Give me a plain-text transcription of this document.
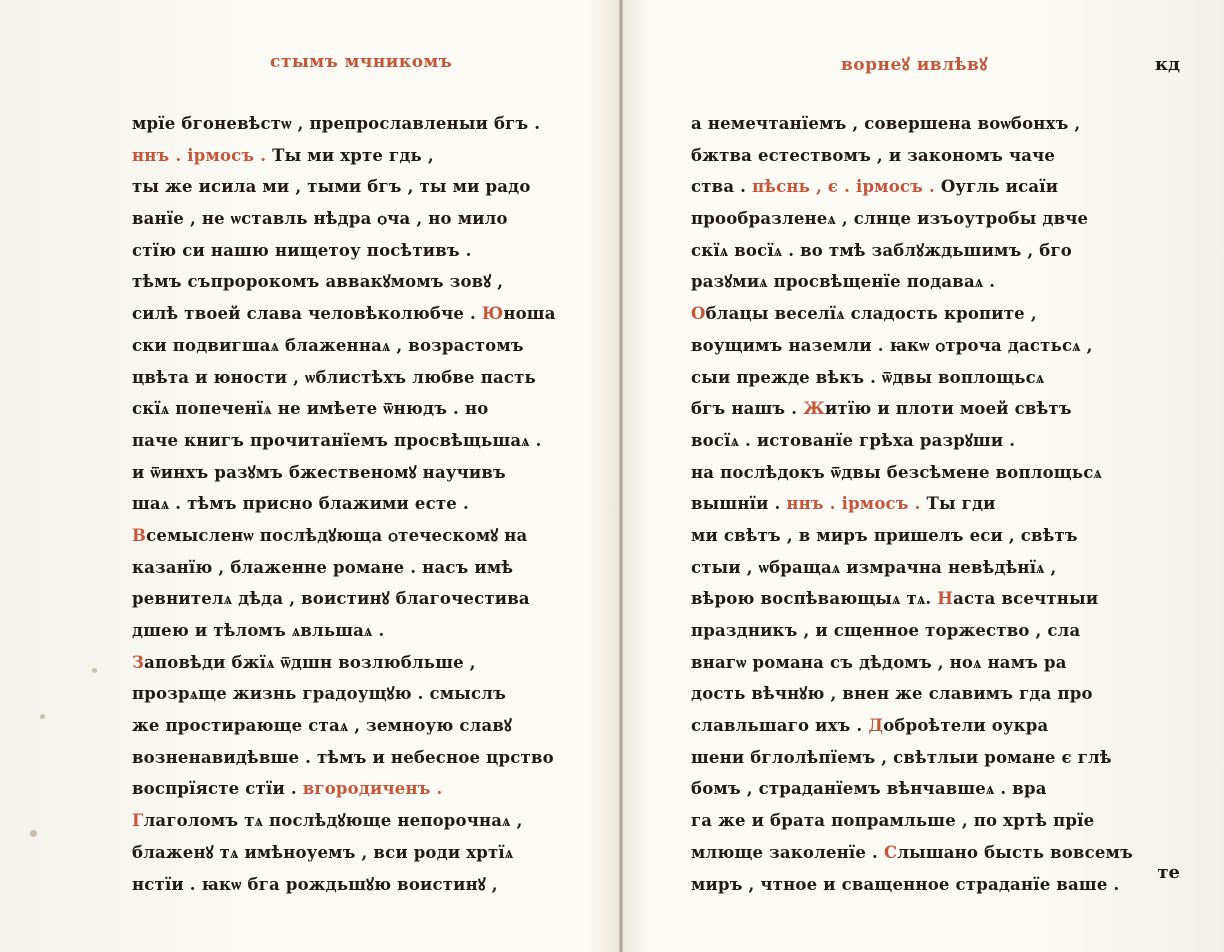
стымъ мчникомъ
мрїе бгоневѣстѡ , препрославленыи бгъ .
ннъ . ірмосъ . Ты ми хрте гдь ,
ты же исила ми , тыми бгъ , ты ми радо
ванїе , не ѡставль нѣдра ѻча , но мило
стїю си нашю нищетоу посѣтивъ .
тѣмъ съпророкомъ аввакꙋмомъ зовꙋ ,
силѣ твоей слава человѣколюбче . Юноша
ски подвигшаѧ блаженнаѧ , возрастомъ
цвѣта и юности , ѡблистѣхъ любве пасть
скїѧ попеченїѧ не имѣете ѿнюдъ . но
паче книгъ прочитанїемъ просвѣщьшаѧ .
и ѿинхъ разꙋмъ бжественомꙋ научивъ
шаѧ . тѣмъ присно блажими есте .
Всемысленѡ послѣдꙋюща ѻтеческомꙋ на
казанїю , блаженне романе . насъ имѣ
ревнителѧ дѣда , воистинꙋ благочестива
дшею и тѣломъ ѧвльшаѧ .
Заповѣди бжїѧ ѿдшн возлюбльше ,
прозрѧще жизнь градоущꙋю . смыслъ
же простирающе стаѧ , земноую славꙋ
возненавидѣвше . тѣмъ и небесное црство
воспрїясте стїи . вгородиченъ .
Глаголомъ тѧ послѣдꙋюще непорочнаѧ ,
блаженꙋ тѧ имѣноуемъ , вси роди хртїѧ
нстїи . ꙗкѡ бга рождьшꙋю воистинꙋ ,
ворнеꙋ ивлѣвꙋ	кд
а немечтанїемъ , совершена воѡбонхъ ,
бжтва естествомъ , и закономъ чаче
ства . пѣснь , є . ірмосъ . Оугль исаїи
прообразленеѧ , слнце изъоутробы двче
скїѧ восїѧ . во тмѣ заблꙋждьшимъ , бго
разꙋмиѧ просвѣщенїе подаваѧ .
Облацы веселїѧ сладость кропите ,
воущимъ наземли . ꙗкѡ ѻтроча дастьсѧ ,
сыи прежде вѣкъ . ѿдвы воплощьсѧ
бгъ нашъ . Житїю и плоти моей свѣтъ
восїѧ . истованїе грѣха разрꙋши .
на послѣдокъ ѿдвы безсѣмене воплощьсѧ
вышнїи . ннъ . ірмосъ . Ты гди
ми свѣтъ , в миръ пришелъ еси , свѣтъ
стыи , ѡбращаѧ измрачна невѣдѣнїѧ ,
вѣрою воспѣвающыѧ тѧ. Наста всечтныи
праздникъ , и сщенное торжество , сла
внагѡ романа съ дѣдомъ , ноѧ намъ ра
дость вѣчнꙋю , внен же славимъ гда про
славльшаго ихъ . Доброѣтели оукра
шени бглолѣпїемъ , свѣтлыи романе є глѣ
бомъ , страданїемъ вѣнчавшеѧ . вра
га же и брата попрамльше , по хртѣ прїе
млюще заколенїе . Слышано бысть вовсемъ
миръ , чтное и сващенное страданїе ваше .
те
